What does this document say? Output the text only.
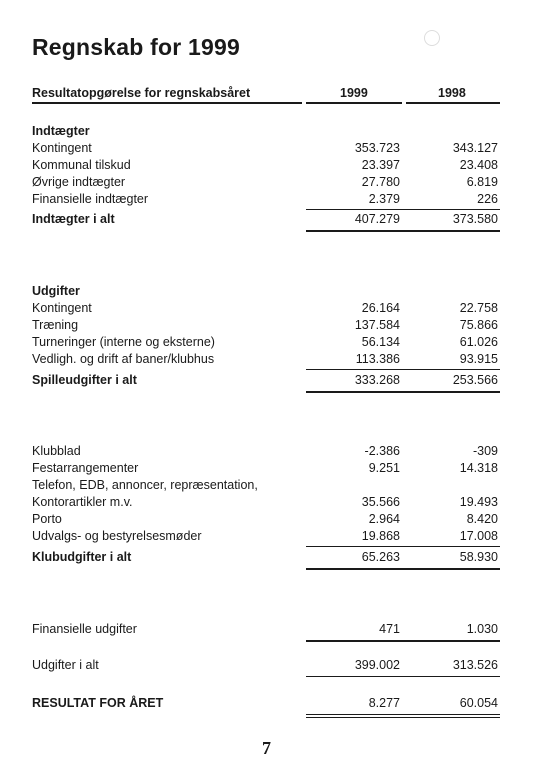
Regnskab for 1999
Resultatopgørelse for regnskabsåret	1999	1998
Indtægter
Kontingent	353.723	343.127
Kommunal tilskud	23.397	23.408
Øvrige indtægter	27.780	6.819
Finansielle indtægter	2.379	226
Indtægter i alt	407.279	373.580
Udgifter
Kontingent	26.164	22.758
Træning	137.584	75.866
Turneringer (interne og eksterne)	56.134	61.026
Vedligh. og drift af baner/klubhus	113.386	93.915
Spilleudgifter i alt	333.268	253.566
Klubblad	-2.386	-309
Festarrangementer	9.251	14.318
Telefon, EDB, annoncer, repræsentation,
Kontorartikler m.v.	35.566	19.493
Porto	2.964	8.420
Udvalgs- og bestyrelsesmøder	19.868	17.008
Klubudgifter i alt	65.263	58.930
Finansielle udgifter	471	1.030
Udgifter i alt	399.002	313.526
RESULTAT FOR ÅRET	8.277	60.054
7
